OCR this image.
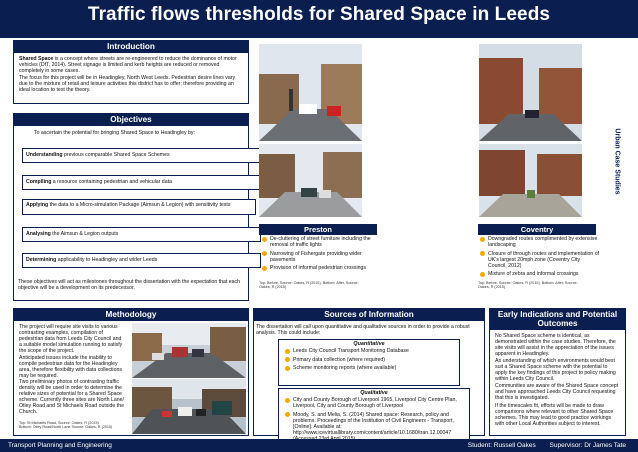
Traffic flows thresholds for Shared Space in Leeds
Introduction
Shared Space is a concept where streets are re-engineered to reduce the dominance of motor vehicles (DfT, 2014). Street signage is limited and kerb heights are reduced or removed completely in some cases.
The focus for this project will be in Headingley, North West Leeds. Pedestrian desire lines vary due to the mixture of retail and leisure activities this district has to offer; therefore providing an ideal location to test the theory.
Objectives
To ascertain the potential for bringing Shared Space to Headingley by:
Understanding previous comparable Shared Space Schemes
Compiling a resource containing pedestrian and vehicular data
Applying the data to a Micro-simulation Package (Aimsun & Legion) with sensitivity tests
Analysing the Aimsun & Legion outputs
Determining applicability to Headingley and wider Leeds
These objectives will act as milestones throughout the dissertation with the expectation that each objective will be a development on its predecessor.
Methodology
The project will require site visits to various contrasting examples, compilation of pedestrian data from Leeds City Council and a suitable model simulation running to satisfy the scope of the project.
Anticipated issues include the inability to compile pedestrian data for the Headingley area, therefore flexibility with data collections may be required.
Two preliminary photos of contrasting traffic density will be used in order to determine the relative sizes of potential for a Shared Space scheme. Currently three sites are North Lane/ Otley Road and St Michaels Road outside the Church.
Top: St Michaels Road, Source: Oakes, R (2015)
Bottom: Otley Road/North Lane Source: Oakes, R (2015)
Preston
De-cluttering of street furniture including the removal of traffic lights
Narrowing of Fishergate providing wider pavements
Provision of informal pedestrian crossings
Top: Before, Source: Oakes, R (2015). Bottom: After, Source: Oakes, R (2015)
Coventry
Downgraded routes complimented by extensive landscaping
Closure of through routes and implementation of UK's largest 20mph zone (Coventry City Council, 2012)
Mixture of zebra and informal crossings
Top: Before, Source: Oakes, R (2015). Bottom: After, Source: Oakes, R (2015)
Urban Case Studies
Sources of Information
The dissertation will call upon quantitative and qualitative sources in order to provide a robust analysis. This could include:
Quantitative
Leeds City Council Transport Monitoring Database
Primary data collection (where required)
Scheme monitoring reports (where available)
Qualitative
City and County Borough of Liverpool 1965, Liverpool City Centre Plan, Liverpool, City and County Borough of Liverpool
Moody, S. and Melia, S. (2014) Shared space: Research, policy and problems. Proceedings of the Institution of Civil Engineers - Transport, [Online]. Available at: http://www.icevirtuallibrary.com/content/article/10.1680/tran.12.00047
Early Indications and Potential Outcomes
No Shared Space scheme is identical, as demonstrated within the case studies. Therefore, the site visits will assist in the appreciation of the issues apparent in Headingley.
An understanding of which environments would best suit a Shared Space scheme with the potential to apply the key findings of this project to policy making within Leeds City Council.
Communities are aware of the Shared Space concept and have approached Leeds City Council requesting that this is investigated.
If the timescales fit, efforts will be made to draw comparisons where relevant to other Shared Space schemes. This may lead to good practice workings with other Local Authorities subject to interest.
Transport Planning and Engineering	Student: Russell Oakes Supervisor: Dr James Tate
